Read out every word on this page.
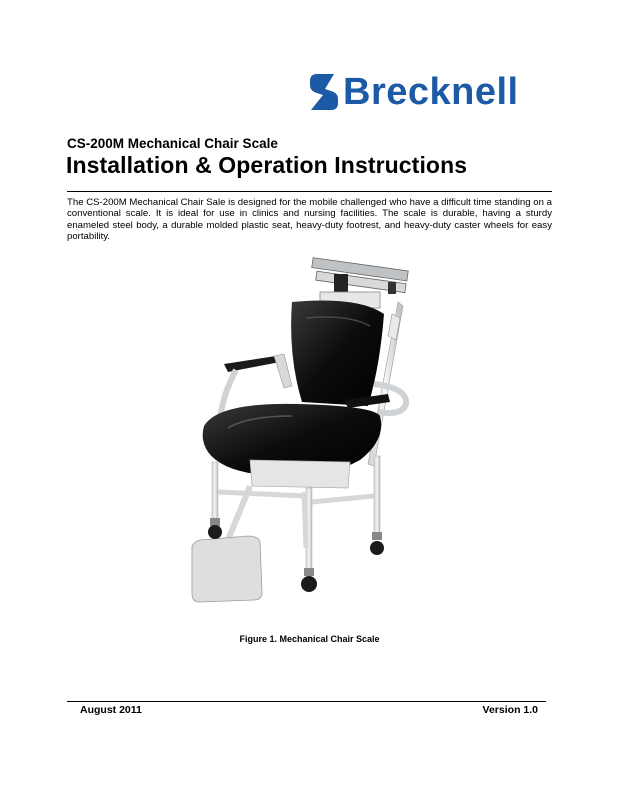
Brecknell
CS-200M Mechanical Chair Scale
Installation & Operation Instructions
The CS-200M Mechanical Chair Sale is designed for the mobile challenged who have a difficult time standing on a conventional scale. It is ideal for use in clinics and nursing facilities. The scale is durable, having a sturdy enameled steel body, a durable molded plastic seat, heavy-duty footrest, and heavy-duty caster wheels for easy portability.
Figure 1. Mechanical Chair Scale
August 2011	Version 1.0
